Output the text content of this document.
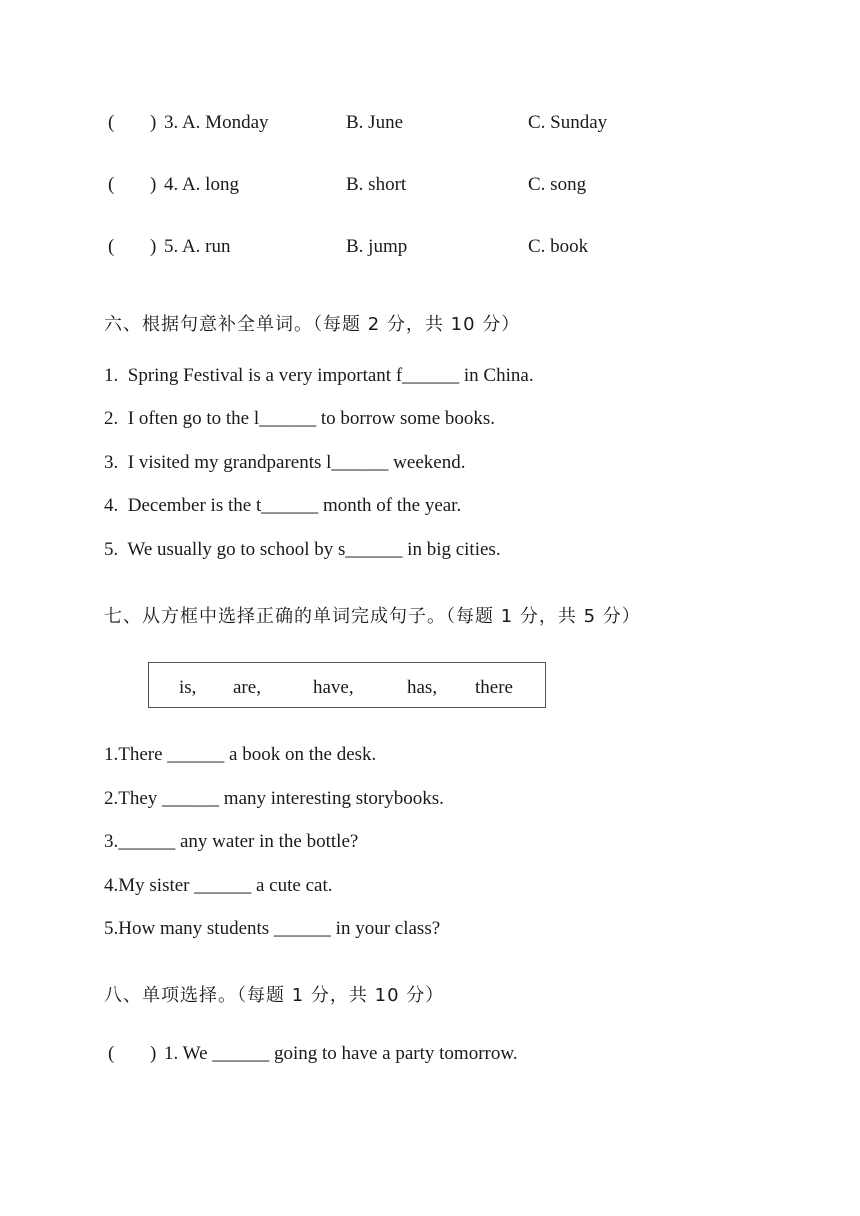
( ) 3. A. Monday	B. June	C. Sunday
( ) 4. A. long	B. short	C. song
( ) 5. A. run	B. jump	C. book
六、根据句意补全单词。（每题 2 分，共 10 分）
1.  Spring Festival is a very important f______ in China.
2.  I often go to the l______ to borrow some books.
3.  I visited my grandparents l______ weekend.
4.  December is the t______ month of the year.
5.  We usually go to school by s______ in big cities.
七、从方框中选择正确的单词完成句子。（每题 1 分，共 5 分）
is, are,	have,	has, there
1.There ______ a book on the desk.
2.They ______ many interesting storybooks.
3.______ any water in the bottle?
4.My sister ______ a cute cat.
5.How many students ______ in your class?
八、单项选择。（每题 1 分，共 10 分）
( ) 1. We ______ going to have a party tomorrow.
